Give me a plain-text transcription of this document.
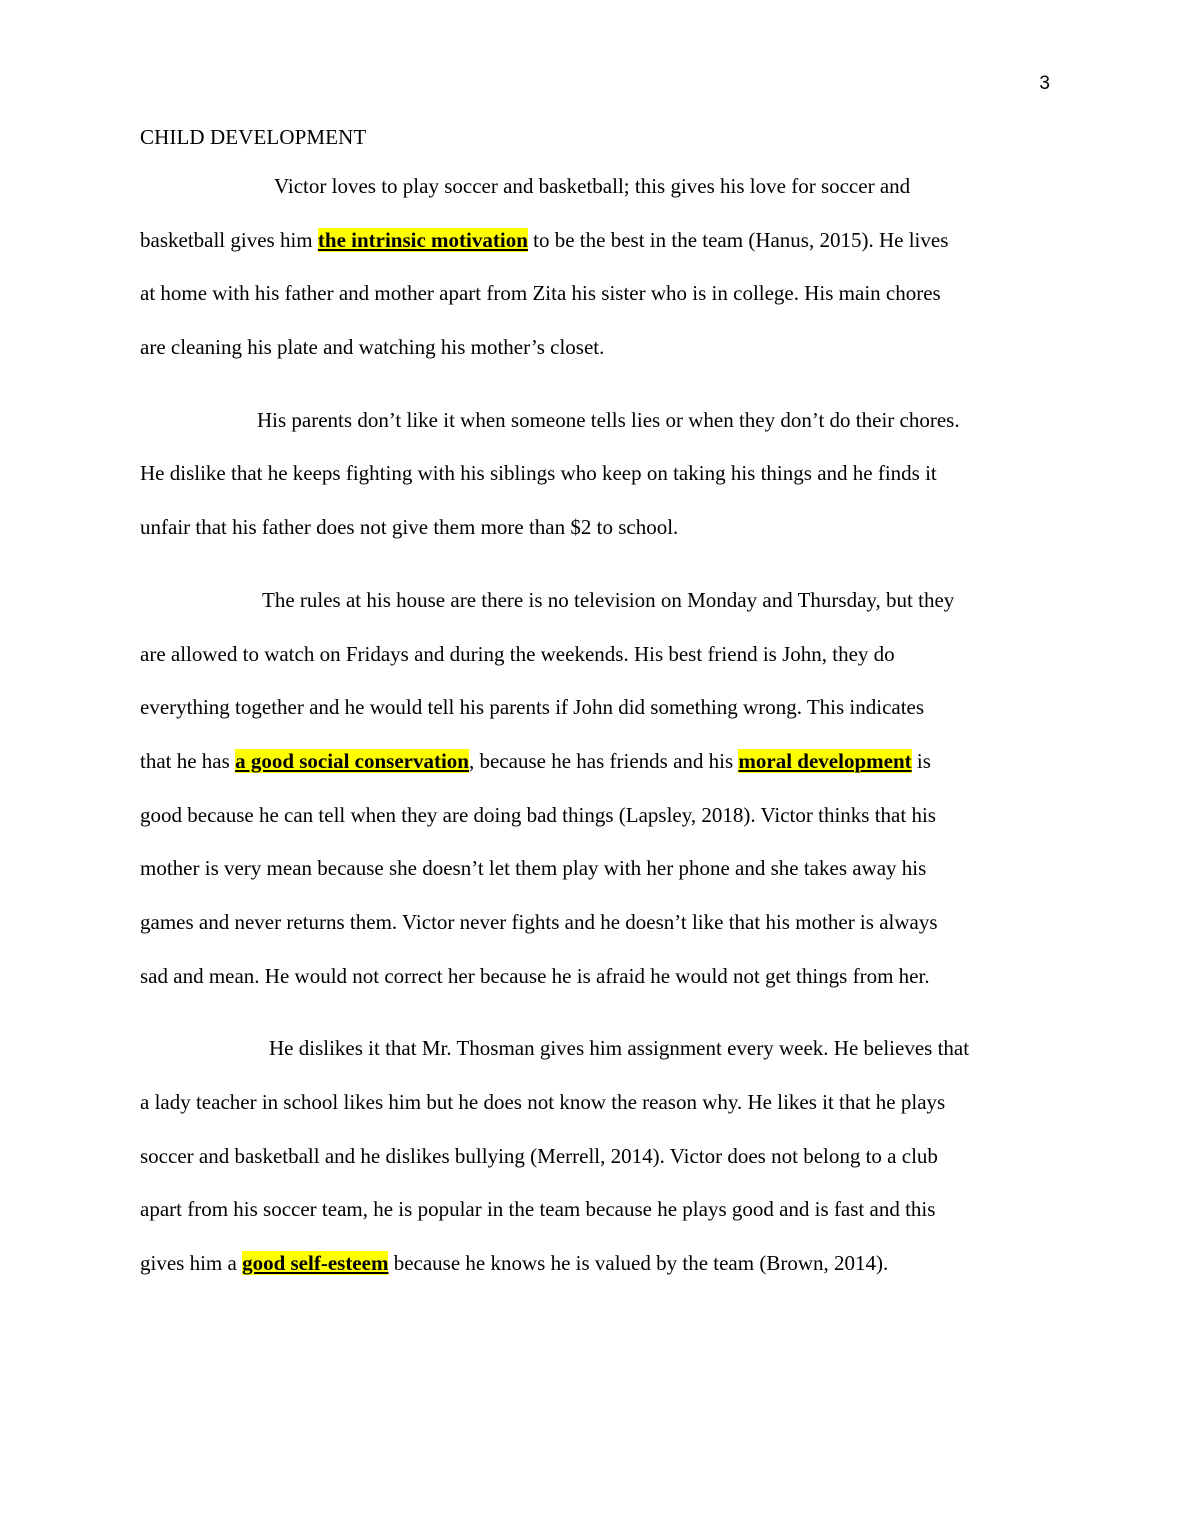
3
CHILD DEVELOPMENT
Victor loves to play soccer and basketball; this gives his love for soccer and
basketball gives him the intrinsic motivation to be the best in the team (Hanus, 2015). He lives
at home with his father and mother apart from Zita his sister who is in college. His main chores
are cleaning his plate and watching his mother’s closet.
His parents don’t like it when someone tells lies or when they don’t do their chores.
He dislike that he keeps fighting with his siblings who keep on taking his things and he finds it
unfair that his father does not give them more than $2 to school.
The rules at his house are there is no television on Monday and Thursday, but they
are allowed to watch on Fridays and during the weekends. His best friend is John, they do
everything together and he would tell his parents if John did something wrong. This indicates
that he has a good social conservation, because he has friends and his moral development is
good because he can tell when they are doing bad things (Lapsley, 2018). Victor thinks that his
mother is very mean because she doesn’t let them play with her phone and she takes away his
games and never returns them. Victor never fights and he doesn’t like that his mother is always
sad and mean. He would not correct her because he is afraid he would not get things from her.
He dislikes it that Mr. Thosman gives him assignment every week. He believes that
a lady teacher in school likes him but he does not know the reason why. He likes it that he plays
soccer and basketball and he dislikes bullying (Merrell, 2014). Victor does not belong to a club
apart from his soccer team, he is popular in the team because he plays good and is fast and this
gives him a good self-esteem because he knows he is valued by the team (Brown, 2014).
